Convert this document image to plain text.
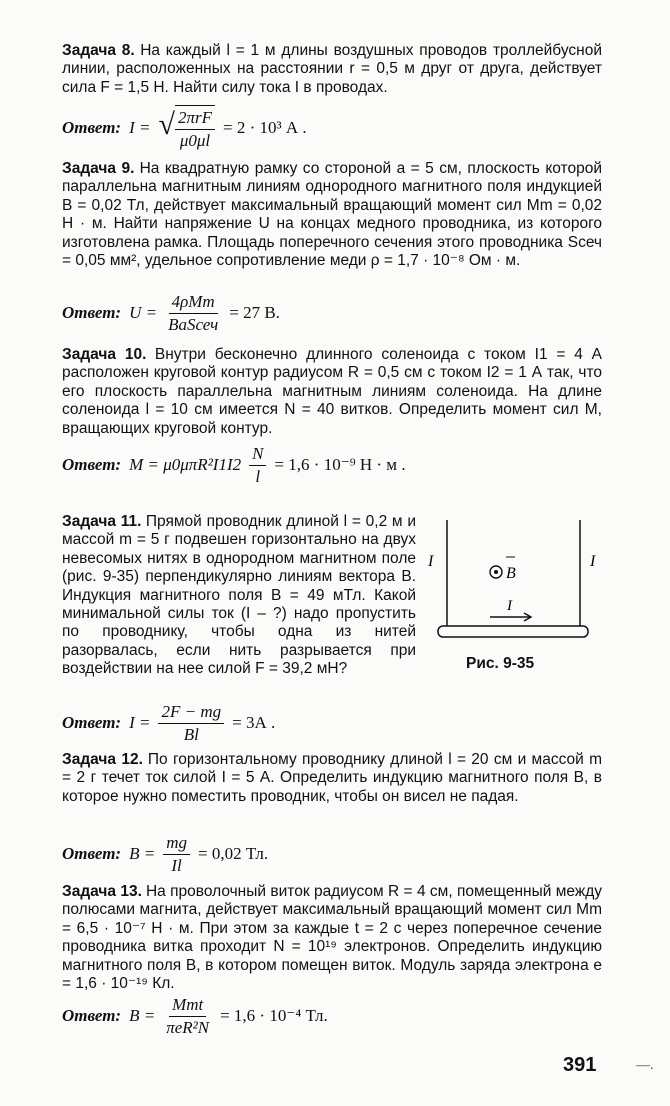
Задача 8. На каждый l = 1 м длины воздушных проводов троллейбусной линии, расположенных на расстоянии r = 0,5 м друг от друга, действует сила F = 1,5 Н. Найти силу тока I в проводах.
Ответ: I = √ $\frac{\text{2πrF}}{\mu 0\mu l} = 2 \cdot 10^3$ А .
Задача 9. На квадратную рамку со стороной a = 5 см, плоскость которой параллельна магнитным линиям однородного магнитного поля индукцией B = 0,02 Тл, действует максимальный вращающий момент сил Mm = 0,02 Н · м. Найти напряжение U на концах медного проводника, из которого изготовлена рамка. Площадь поперечного сечения этого проводника Sсеч = 0,05 мм², удельное сопротивление меди ρ = 1,7 · 10⁻⁸ Ом · м.
Ответ: $U = \frac{\text{4ρMm}}{\text{BaSсеч}} = 27$ В.
Задача 10. Внутри бесконечно длинного соленоида с током I1 = 4 А расположен круговой контур радиусом R = 0,5 см с током I2 = 1 А так, что его плоскость параллельна магнитным линиям соленоида. На длине соленоида l = 10 см имеется N = 40 витков. Определить момент сил M, вращающих круговой контур.
Ответ: $M = \mu 0\mu\pi R^2I1I2 \frac{N}{l} = 1,6 \cdot 10^{-9}$ Н · м .
Задача 11. Прямой проводник длиной l = 0,2 м и массой m = 5 г подвешен горизонтально на двух невесомых нитях в однородном магнитном поле (рис. 9-35) перпендикулярно линиям вектора B. Индукция магнитного поля B = 49 мТл. Какой минимальной силы ток (I – ?) надо пропустить по проводнику, чтобы одна из нитей разорвалась, если нить разрывается при воздействии на нее силой F = 39,2 мН?
I	I
B
I
Рис. 9-35
Ответ: $I = \frac{2F - mg}{Bl} = 3А$ .
Задача 12. По горизонтальному проводнику длиной l = 20 см и массой m = 2 г течет ток силой I = 5 А. Определить индукцию магнитного поля B, в которое нужно поместить проводник, чтобы он висел не падая.
Ответ: $B = \frac{mg}{Il} = 0,02$ Тл.
Задача 13. На проволочный виток радиусом R = 4 см, помещенный между полюсами магнита, действует максимальный вращающий момент сил Mm = 6,5 · 10⁻⁷ Н · м. При этом за каждые t = 2 с через поперечное сечение проводника витка проходит N = 10¹⁹ электронов. Определить индукцию магнитного поля B, в котором помещен виток. Модуль заряда электрона e = 1,6 · 10⁻¹⁹ Кл.
Ответ: $B = \frac{\text{Mmt}}{\text{πeR²N}} = 1,6 \cdot 10^{-4}$ Тл.
391	—.
